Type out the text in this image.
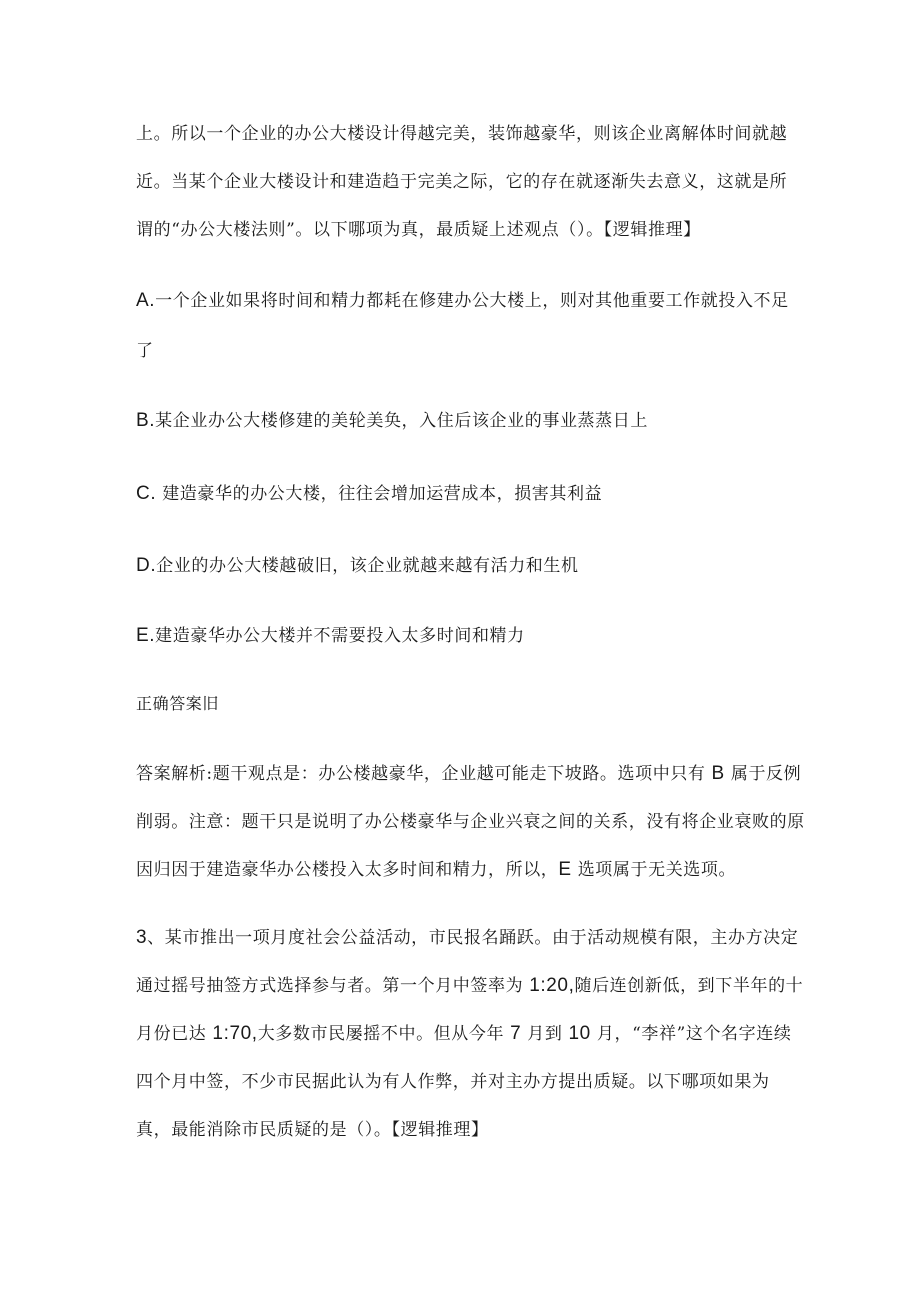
上。所以一个企业的办公大楼设计得越完美，装饰越豪华，则该企业离解体时间就越
近。当某个企业大楼设计和建造趋于完美之际，它的存在就逐渐失去意义，这就是所
谓的“办公大楼法则”。以下哪项为真，最质疑上述观点（）。【逻辑推理】
A.一个企业如果将时间和精力都耗在修建办公大楼上，则对其他重要工作就投入不足
了
B.某企业办公大楼修建的美轮美奂，入住后该企业的事业蒸蒸日上
C. 建造豪华的办公大楼，往往会增加运营成本，损害其利益
D.企业的办公大楼越破旧，该企业就越来越有活力和生机
E.建造豪华办公大楼并不需要投入太多时间和精力
正确答案旧
答案解析:题干观点是：办公楼越豪华，企业越可能走下坡路。选项中只有 B 属于反例
削弱。注意：题干只是说明了办公楼豪华与企业兴衰之间的关系，没有将企业衰败的原
因归因于建造豪华办公楼投入太多时间和精力，所以，E 选项属于无关选项。
3、某市推出一项月度社会公益活动，市民报名踊跃。由于活动规模有限，主办方决定
通过摇号抽签方式选择参与者。第一个月中签率为 1:20,随后连创新低，到下半年的十
月份已达 1:70,大多数市民屡摇不中。但从今年 7 月到 10 月，“李祥”这个名字连续
四个月中签，不少市民据此认为有人作弊，并对主办方提出质疑。以下哪项如果为
真，最能消除市民质疑的是（）。【逻辑推理】
